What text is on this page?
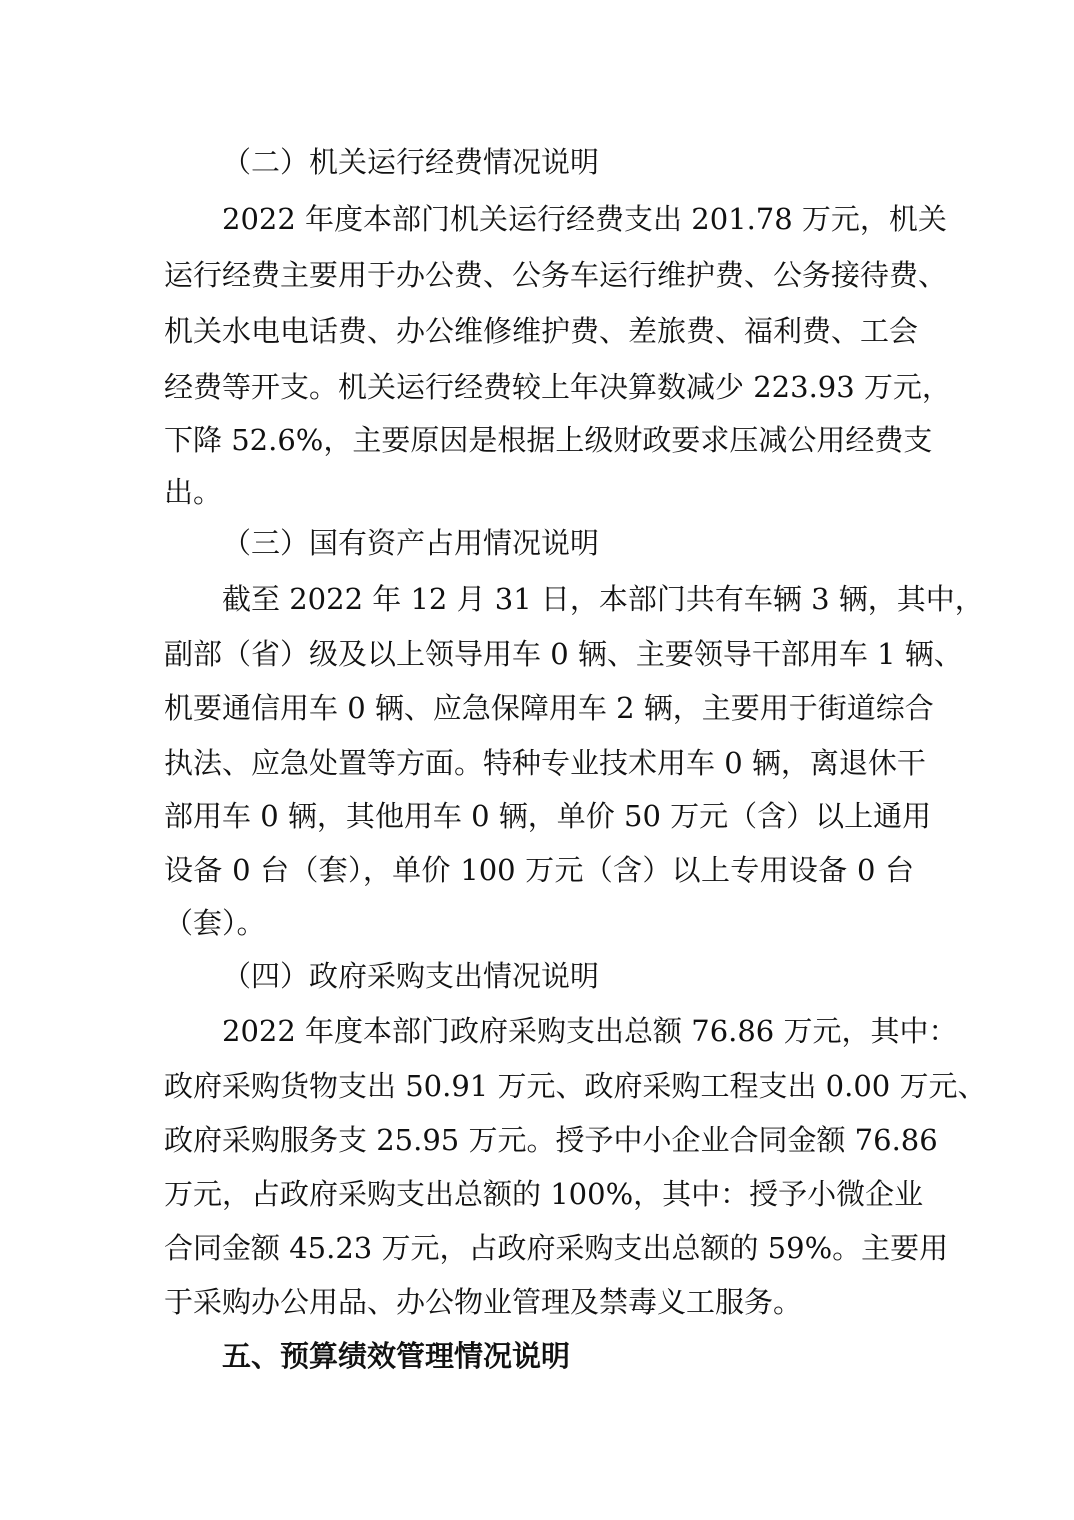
（二）机关运行经费情况说明
2022 年度本部门机关运行经费支出 201.78 万元，机关
运行经费主要用于办公费、公务车运行维护费、公务接待费、
机关水电电话费、办公维修维护费、差旅费、福利费、工会
经费等开支。机关运行经费较上年决算数减少 223.93 万元，
下降 52.6%，主要原因是根据上级财政要求压减公用经费支
出。
（三）国有资产占用情况说明
截至 2022 年 12 月 31 日，本部门共有车辆 3 辆，其中，
副部（省）级及以上领导用车 0 辆、主要领导干部用车 1 辆、
机要通信用车 0 辆、应急保障用车 2 辆，主要用于街道综合
执法、应急处置等方面。特种专业技术用车 0 辆，离退休干
部用车 0 辆，其他用车 0 辆，单价 50 万元（含）以上通用
设备 0 台（套），单价 100 万元（含）以上专用设备 0 台
（套）。
（四）政府采购支出情况说明
2022 年度本部门政府采购支出总额 76.86 万元，其中：
政府采购货物支出 50.91 万元、政府采购工程支出 0.00 万元、
政府采购服务支 25.95 万元。授予中小企业合同金额 76.86
万元，占政府采购支出总额的 100%，其中：授予小微企业
合同金额 45.23 万元，占政府采购支出总额的 59%。主要用
于采购办公用品、办公物业管理及禁毒义工服务。
五、预算绩效管理情况说明
